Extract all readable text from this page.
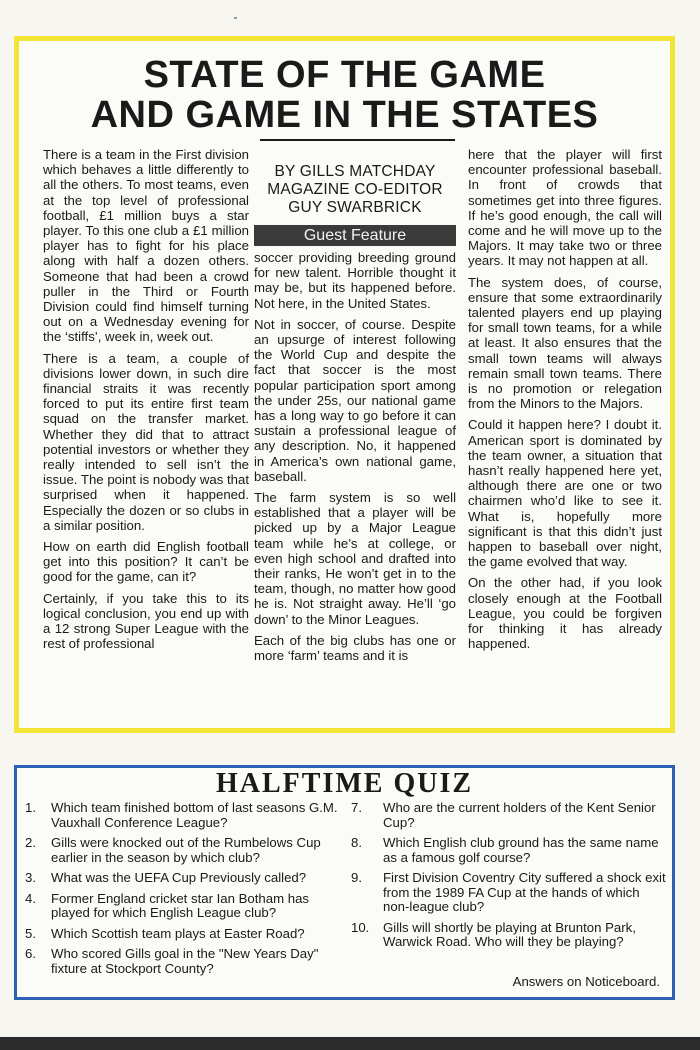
STATE OF THE GAME
AND GAME IN THE STATES

There is a team in the First division which behaves a little differently to all the others. To most teams, even at the top level of professional football, £1 million buys a star player. To this one club a £1 million player has to fight for his place along with half a dozen others. Someone that had been a crowd puller in the Third or Fourth Division could find himself turning out on a Wednesday evening for the ‘stiffs’, week in, week out.

There is a team, a couple of divisions lower down, in such dire financial straits it was recently forced to put its entire first team squad on the transfer market. Whether they did that to attract potential investors or whether they really intended to sell isn’t the issue. The point is nobody was that surprised when it happened. Especially the dozen or so clubs in a similar position.

How on earth did English football get into this position? It can’t be good for the game, can it?

Certainly, if you take this to its logical conclusion, you end up with a 12 strong Super League with the rest of professional

BY GILLS MATCHDAY
MAGAZINE CO-EDITOR
GUY SWARBRICK
Guest Feature

soccer providing breeding ground for new talent. Horrible thought it may be, but its happened before. Not here, in the United States.

Not in soccer, of course. Despite an upsurge of interest following the World Cup and despite the fact that soccer is the most popular participation sport among the under 25s, our national game has a long way to go before it can sustain a professional league of any description. No, it happened in America’s own national game, baseball.

The farm system is so well established that a player will be picked up by a Major League team while he’s at college, or even high school and drafted into their ranks, He won’t get in to the team, though, no matter how good he is. Not straight away. He’ll ‘go down’ to the Minor Leagues.

Each of the big clubs has one or more ‘farm’ teams and it is

here that the player will first encounter professional baseball. In front of crowds that sometimes get into three figures. If he’s good enough, the call will come and he will move up to the Majors. It may take two or three years. It may not happen at all.

The system does, of course, ensure that some extraordinarily talented players end up playing for small town teams, for a while at least. It also ensures that the small town teams will always remain small town teams. There is no promotion or relegation from the Minors to the Majors.

Could it happen here? I doubt it. American sport is dominated by the team owner, a situation that hasn’t really happened here yet, although there are one or two chairmen who’d like to see it. What is, hopefully more significant is that this didn’t just happen to baseball over night, the game evolved that way.

On the other had, if you look closely enough at the Football League, you could be forgiven for thinking it has already happened.

HALFTIME QUIZ
1.	Which team finished bottom of last seasons G.M. Vauxhall Conference League?
2.	Gills were knocked out of the Rumbelows Cup earlier in the season by which club?
3.	What was the UEFA Cup Previously called?
4.	Former England cricket star Ian Botham has played for which English League club?
5.	Which Scottish team plays at Easter Road?
6.	Who scored Gills goal in the "New Years Day" fixture at Stockport County?
7.	Who are the current holders of the Kent Senior Cup?
8.	Which English club ground has the same name as a famous golf course?
9.	First Division Coventry City suffered a shock exit from the 1989 FA Cup at the hands of which non-league club?
10.	Gills will shortly be playing at Brunton Park, Warwick Road. Who will they be playing?

Answers on Noticeboard.
